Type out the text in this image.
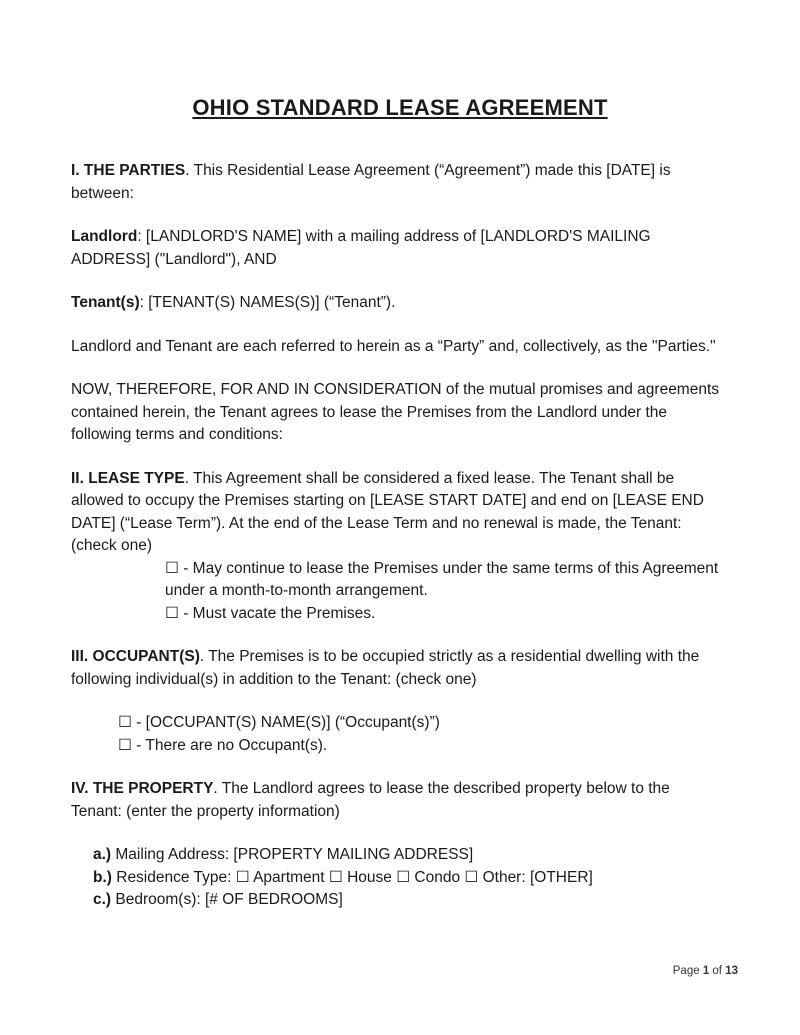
OHIO STANDARD LEASE AGREEMENT

I. THE PARTIES. This Residential Lease Agreement (“Agreement”) made this [DATE] is between:

Landlord: [LANDLORD'S NAME] with a mailing address of [LANDLORD'S MAILING ADDRESS] ("Landlord"), AND

Tenant(s): [TENANT(S) NAMES(S)] (“Tenant”).

Landlord and Tenant are each referred to herein as a “Party” and, collectively, as the "Parties."

NOW, THEREFORE, FOR AND IN CONSIDERATION of the mutual promises and agreements contained herein, the Tenant agrees to lease the Premises from the Landlord under the following terms and conditions:

II. LEASE TYPE. This Agreement shall be considered a fixed lease. The Tenant shall be allowed to occupy the Premises starting on [LEASE START DATE] and end on [LEASE END DATE] (“Lease Term”). At the end of the Lease Term and no renewal is made, the Tenant: (check one)

☐ - May continue to lease the Premises under the same terms of this Agreement under a month-to-month arrangement.
☐ - Must vacate the Premises.

III. OCCUPANT(S). The Premises is to be occupied strictly as a residential dwelling with the following individual(s) in addition to the Tenant: (check one)

☐ - [OCCUPANT(S) NAME(S)] (“Occupant(s)”)
☐ - There are no Occupant(s).

IV. THE PROPERTY. The Landlord agrees to lease the described property below to the Tenant: (enter the property information)

a.) Mailing Address: [PROPERTY MAILING ADDRESS]
b.) Residence Type: ☐ Apartment ☐ House ☐ Condo ☐ Other: [OTHER]
c.) Bedroom(s): [# OF BEDROOMS]
Page 1 of 13
